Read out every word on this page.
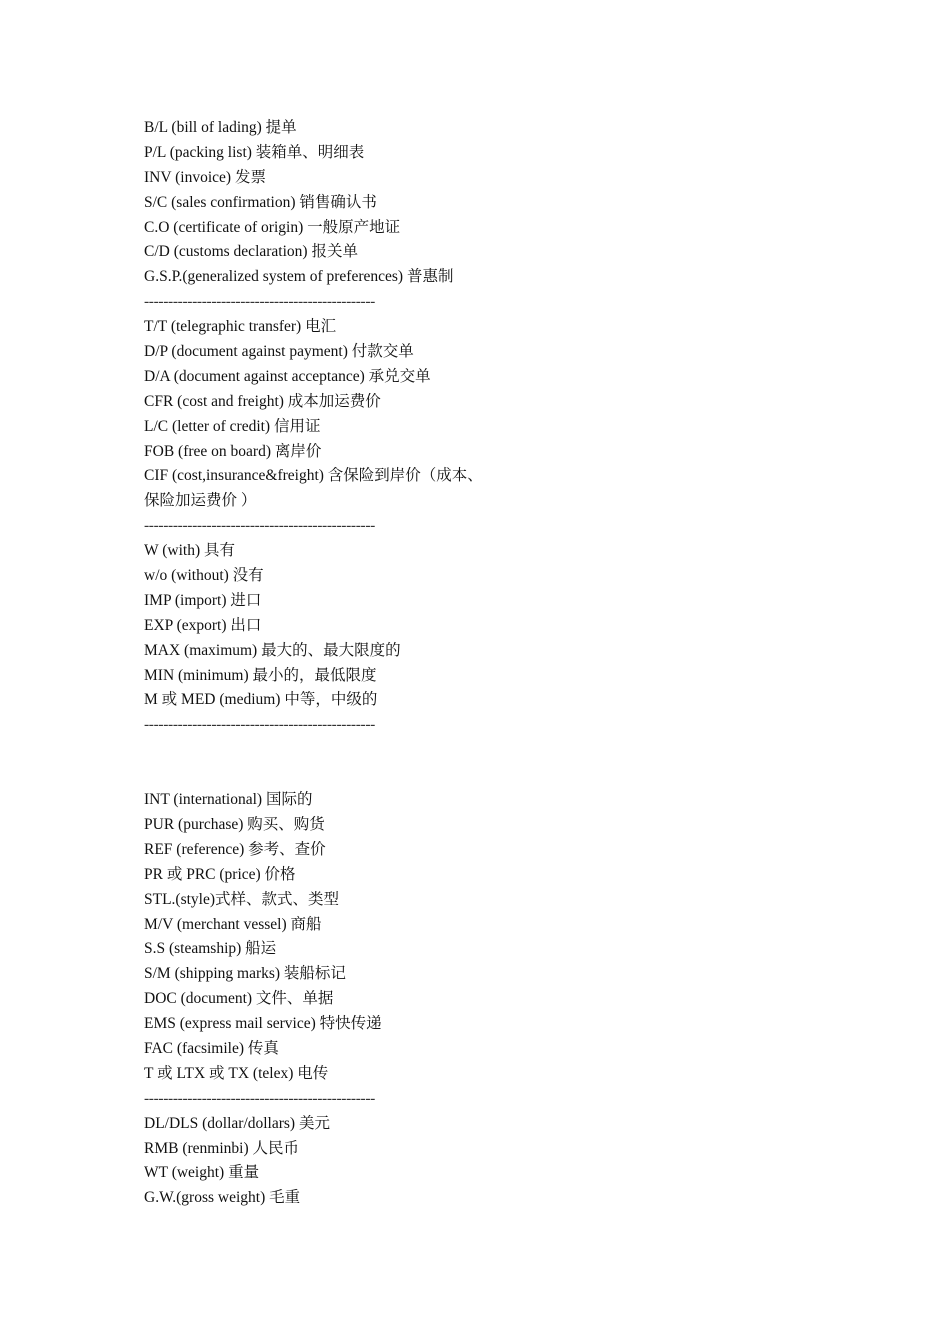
B/L (bill of lading) 提单
P/L (packing list) 装箱单、明细表
INV (invoice) 发票
S/C (sales confirmation) 销售确认书
C.O (certificate of origin) 一般原产地证
C/D (customs declaration) 报关单
G.S.P.(generalized system of preferences) 普惠制
------------------------------------------------
T/T (telegraphic transfer) 电汇
D/P (document against payment) 付款交单
D/A (document against acceptance) 承兑交单
CFR (cost and freight) 成本加运费价
L/C (letter of credit) 信用证
FOB (free on board) 离岸价
CIF (cost,insurance&freight) 含保险到岸价（成本、
保险加运费价 ）
------------------------------------------------
W (with) 具有
w/o (without) 没有
IMP (import) 进口
EXP (export) 出口
MAX (maximum) 最大的、最大限度的
MIN (minimum) 最小的，最低限度
M 或 MED (medium) 中等，中级的
------------------------------------------------
INT (international) 国际的
PUR (purchase) 购买、购货
REF (reference) 参考、查价
PR 或 PRC (price) 价格
STL.(style)式样、款式、类型
M/V (merchant vessel) 商船
S.S (steamship) 船运
S/M (shipping marks) 装船标记
DOC (document) 文件、单据
EMS (express mail service) 特快传递
FAC (facsimile) 传真
T 或 LTX 或 TX (telex) 电传
------------------------------------------------
DL/DLS (dollar/dollars) 美元
RMB (renminbi) 人民币
WT (weight) 重量
G.W.(gross weight) 毛重
